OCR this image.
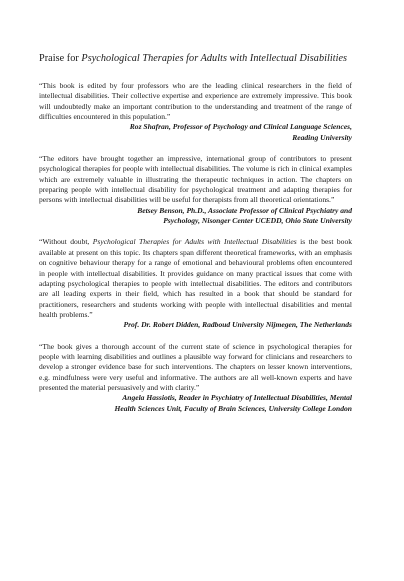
Praise for Psychological Therapies for Adults with Intellectual Disabilities

“This book is edited by four professors who are the leading clinical researchers in the field of intellectual disabilities. Their collective expertise and experience are extremely impressive. This book will undoubtedly make an important contribution to the understanding and treatment of the range of difficulties encountered in this population.”

Roz Shafran, Professor of Psychology and Clinical Language Sciences,
Reading University

“The editors have brought together an impressive, international group of contributors to present psychological therapies for people with intellectual disabilities. The volume is rich in clinical examples which are extremely valuable in illustrating the therapeutic techniques in action. The chapters on preparing people with intellectual disability for psychological treatment and adapting therapies for persons with intellectual disabilities will be useful for therapists from all theoretical orientations.”

Betsey Benson, Ph.D., Associate Professor of Clinical Psychiatry and
Psychology, Nisonger Center UCEDD, Ohio State University

“Without doubt, Psychological Therapies for Adults with Intellectual Disabilities is the best book available at present on this topic. Its chapters span different theoretical frameworks, with an emphasis on cognitive behaviour therapy for a range of emotional and behavioural problems often encountered in people with intellectual disabilities. It provides guidance on many practical issues that come with adapting psychological therapies to people with intellectual disabilities. The editors and contributors are all leading experts in their field, which has resulted in a book that should be standard for practitioners, researchers and students working with people with intellectual disabilities and mental health problems.”

Prof. Dr. Robert Didden, Radboud University Nijmegen, The Netherlands

“The book gives a thorough account of the current state of science in psychological therapies for people with learning disabilities and outlines a plausible way forward for clinicians and researchers to develop a stronger evidence base for such interventions. The chapters on lesser known interventions, e.g. mindfulness were very useful and informative. The authors are all well-known experts and have presented the material persuasively and with clarity.”

Angela Hassiotis, Reader in Psychiatry of Intellectual Disabilities, Mental
Health Sciences Unit, Faculty of Brain Sciences, University College London
